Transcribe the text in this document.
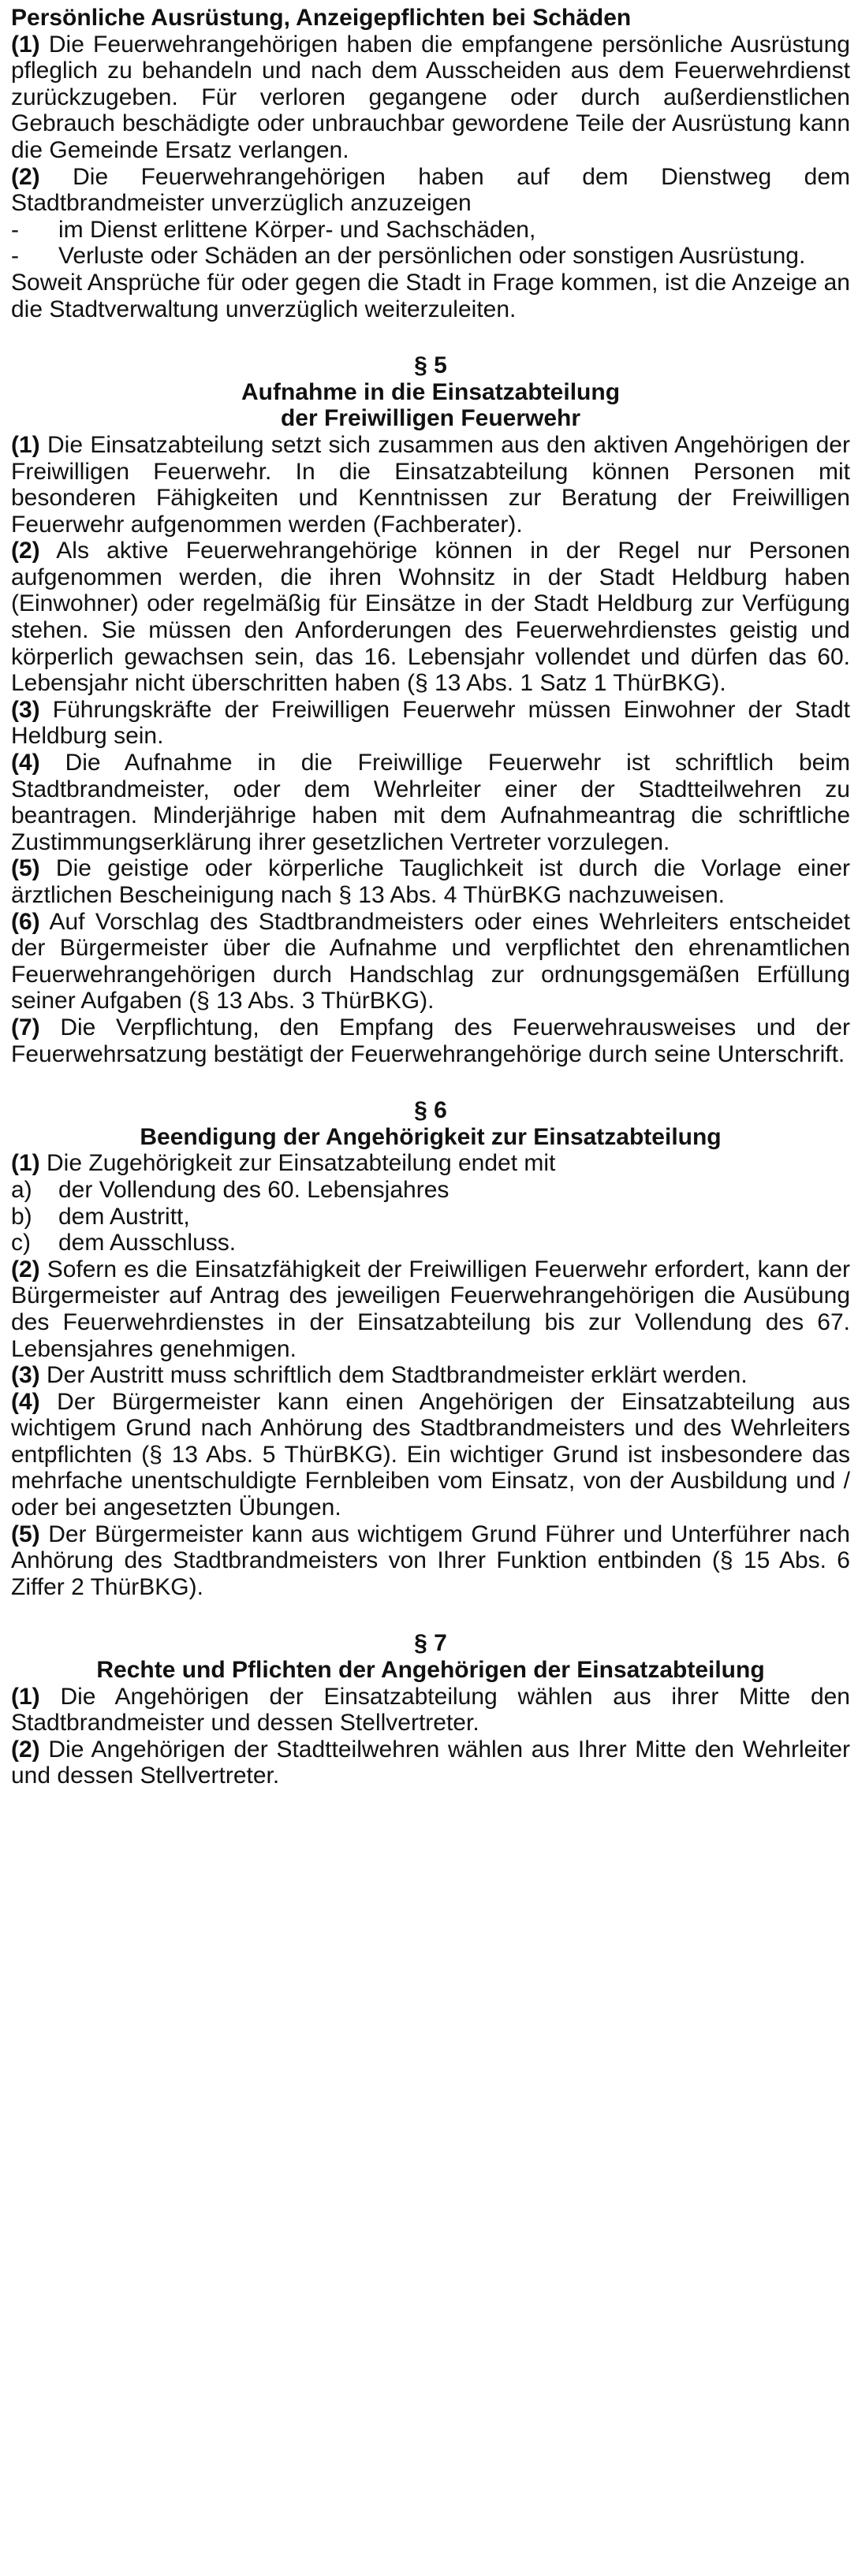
Persönliche Ausrüstung, Anzeigepflichten bei Schäden

(1) Die Feuerwehrangehörigen haben die empfangene persönliche Ausrüstung pfleglich zu behandeln und nach dem Ausscheiden aus dem Feuerwehrdienst zurückzugeben. Für verloren gegangene oder durch außerdienstlichen Gebrauch beschädigte oder unbrauchbar gewordene Teile der Ausrüstung kann die Gemeinde Ersatz verlangen.

(2) Die Feuerwehrangehörigen haben auf dem Dienstweg dem Stadtbrandmeister unverzüglich anzuzeigen

-	im Dienst erlittene Körper- und Sachschäden,
-	Verluste oder Schäden an der persönlichen oder sonstigen Ausrüstung.

Soweit Ansprüche für oder gegen die Stadt in Frage kommen, ist die Anzeige an die Stadtverwaltung unverzüglich weiterzuleiten.

§ 5

Aufnahme in die Einsatzabteilung

der Freiwilligen Feuerwehr

(1) Die Einsatzabteilung setzt sich zusammen aus den aktiven Angehörigen der Freiwilligen Feuerwehr. In die Einsatzabteilung können Personen mit besonderen Fähigkeiten und Kenntnissen zur Beratung der Freiwilligen Feuerwehr aufgenommen werden (Fachberater).

(2) Als aktive Feuerwehrangehörige können in der Regel nur Personen aufgenommen werden, die ihren Wohnsitz in der Stadt Heldburg haben (Einwohner) oder regelmäßig für Einsätze in der Stadt Heldburg zur Verfügung stehen. Sie müssen den Anforderungen des Feuerwehrdienstes geistig und körperlich gewachsen sein, das 16. Lebensjahr vollendet und dürfen das 60. Lebensjahr nicht überschritten haben (§ 13 Abs. 1 Satz 1 ThürBKG).

(3) Führungskräfte der Freiwilligen Feuerwehr müssen Einwohner der Stadt Heldburg sein.

(4) Die Aufnahme in die Freiwillige Feuerwehr ist schriftlich beim Stadtbrandmeister, oder dem Wehrleiter einer der Stadtteilwehren zu beantragen. Minderjährige haben mit dem Aufnahmeantrag die schriftliche Zustimmungserklärung ihrer gesetzlichen Vertreter vorzulegen.

(5) Die geistige oder körperliche Tauglichkeit ist durch die Vorlage einer ärztlichen Bescheinigung nach § 13 Abs. 4 ThürBKG nachzuweisen.

(6) Auf Vorschlag des Stadtbrandmeisters oder eines Wehrleiters entscheidet der Bürgermeister über die Aufnahme und verpflichtet den ehrenamtlichen Feuerwehrangehörigen durch Handschlag zur ordnungsgemäßen Erfüllung seiner Aufgaben (§ 13 Abs. 3 ThürBKG).

(7) Die Verpflichtung, den Empfang des Feuerwehrausweises und der Feuerwehrsatzung bestätigt der Feuerwehrangehörige durch seine Unterschrift.

§ 6

Beendigung der Angehörigkeit zur Einsatzabteilung

(1) Die Zugehörigkeit zur Einsatzabteilung endet mit

a)	der Vollendung des 60. Lebensjahres
b)	dem Austritt,
c)	dem Ausschluss.

(2) Sofern es die Einsatzfähigkeit der Freiwilligen Feuerwehr erfordert, kann der Bürgermeister auf Antrag des jeweiligen Feuerwehrangehörigen die Ausübung des Feuerwehrdienstes in der Einsatzabteilung bis zur Vollendung des 67. Lebensjahres genehmigen.

(3) Der Austritt muss schriftlich dem Stadtbrandmeister erklärt werden.

(4) Der Bürgermeister kann einen Angehörigen der Einsatzabteilung aus wichtigem Grund nach Anhörung des Stadtbrandmeisters und des Wehrleiters entpflichten (§ 13 Abs. 5 ThürBKG). Ein wichtiger Grund ist insbesondere das mehrfache unentschuldigte Fernbleiben vom Einsatz, von der Ausbildung und / oder bei angesetzten Übungen.

(5) Der Bürgermeister kann aus wichtigem Grund Führer und Unterführer nach Anhörung des Stadtbrandmeisters von Ihrer Funktion entbinden (§ 15 Abs. 6 Ziffer 2 ThürBKG).

§ 7

Rechte und Pflichten der Angehörigen der Einsatzabteilung

(1) Die Angehörigen der Einsatzabteilung wählen aus ihrer Mitte den Stadtbrandmeister und dessen Stellvertreter.

(2) Die Angehörigen der Stadtteilwehren wählen aus Ihrer Mitte den Wehrleiter und dessen Stellvertreter.
